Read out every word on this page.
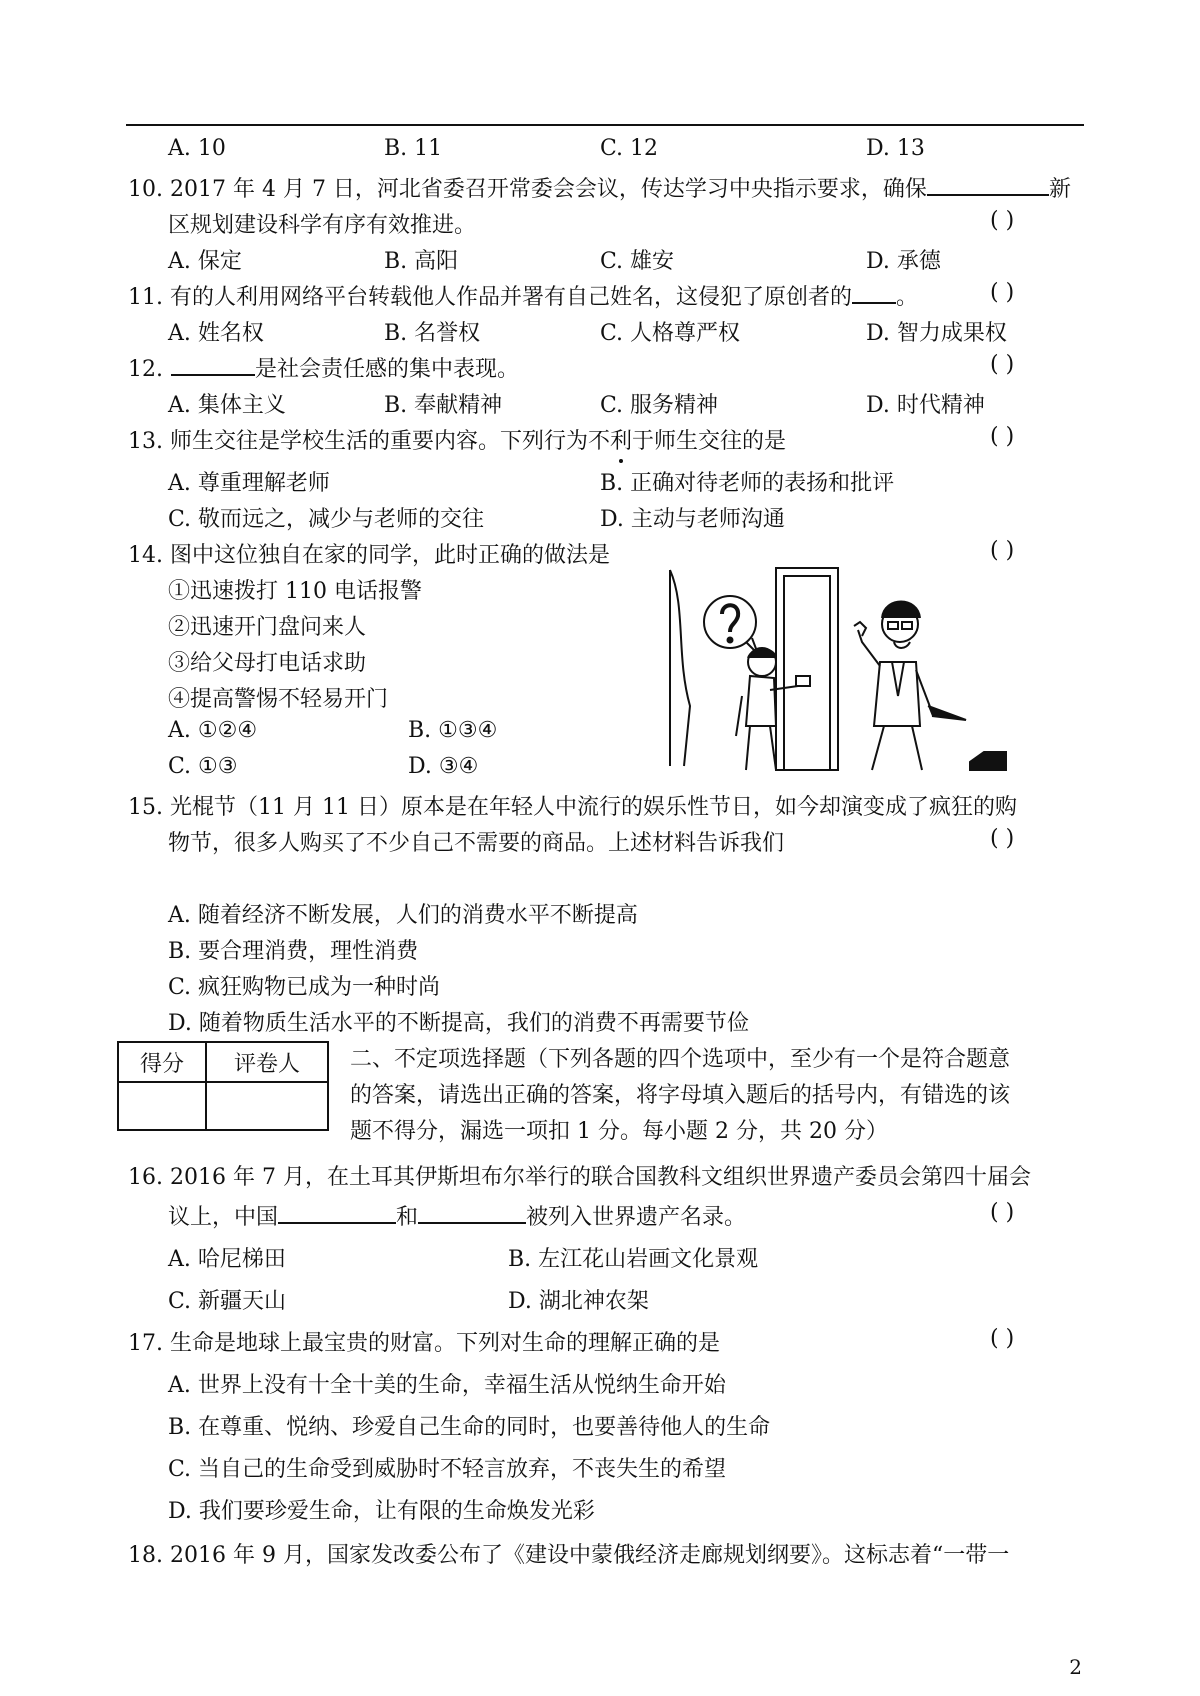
A. 10	B. 11	C. 12	D. 13
10. 2017 年 4 月 7 日，河北省委召开常委会会议，传达学习中央指示要求，确保	新
区规划建设科学有序有效推进。	( )
A. 保定	B. 高阳	C. 雄安	D. 承德
11. 有的人利用网络平台转载他人作品并署有自己姓名，这侵犯了原创者的 。	( )
A. 姓名权	B. 名誉权	C. 人格尊严权	D. 智力成果权
12.	是社会责任感的集中表现。	( )
A. 集体主义	B. 奉献精神	C. 服务精神	D. 时代精神
13. 师生交往是学校生活的重要内容。下列行为不利于师生交往的是	( )
A. 尊重理解老师	B. 正确对待老师的表扬和批评
C. 敬而远之，减少与老师的交往	D. 主动与老师沟通
14. 图中这位独自在家的同学，此时正确的做法是	( )
①迅速拨打 110 电话报警
②迅速开门盘问来人
③给父母打电话求助
④提高警惕不轻易开门
A. ①②④	B. ①③④
C. ①③	D. ③④
15. 光棍节（11 月 11 日）原本是在年轻人中流行的娱乐性节日，如今却演变成了疯狂的购
物节，很多人购买了不少自己不需要的商品。上述材料告诉我们	( )
A. 随着经济不断发展，人们的消费水平不断提高
B. 要合理消费，理性消费
C. 疯狂购物已成为一种时尚
D. 随着物质生活水平的不断提高，我们的消费不再需要节俭
得分	评卷人
	二、不定项选择题（下列各题的四个选项中，至少有一个是符合题意
的答案，请选出正确的答案，将字母填入题后的括号内，有错选的该
题不得分，漏选一项扣 1 分。每小题 2 分，共 20 分）
16. 2016 年 7 月，在土耳其伊斯坦布尔举行的联合国教科文组织世界遗产委员会第四十届会
议上，中国	和	被列入世界遗产名录。	( )
A. 哈尼梯田	B. 左江花山岩画文化景观
C. 新疆天山	D. 湖北神农架
17. 生命是地球上最宝贵的财富。下列对生命的理解正确的是	( )
A. 世界上没有十全十美的生命，幸福生活从悦纳生命开始
B. 在尊重、悦纳、珍爱自己生命的同时，也要善待他人的生命
C. 当自己的生命受到威胁时不轻言放弃，不丧失生的希望
D. 我们要珍爱生命，让有限的生命焕发光彩
18. 2016 年 9 月，国家发改委公布了《建设中蒙俄经济走廊规划纲要》。这标志着“一带一
2
